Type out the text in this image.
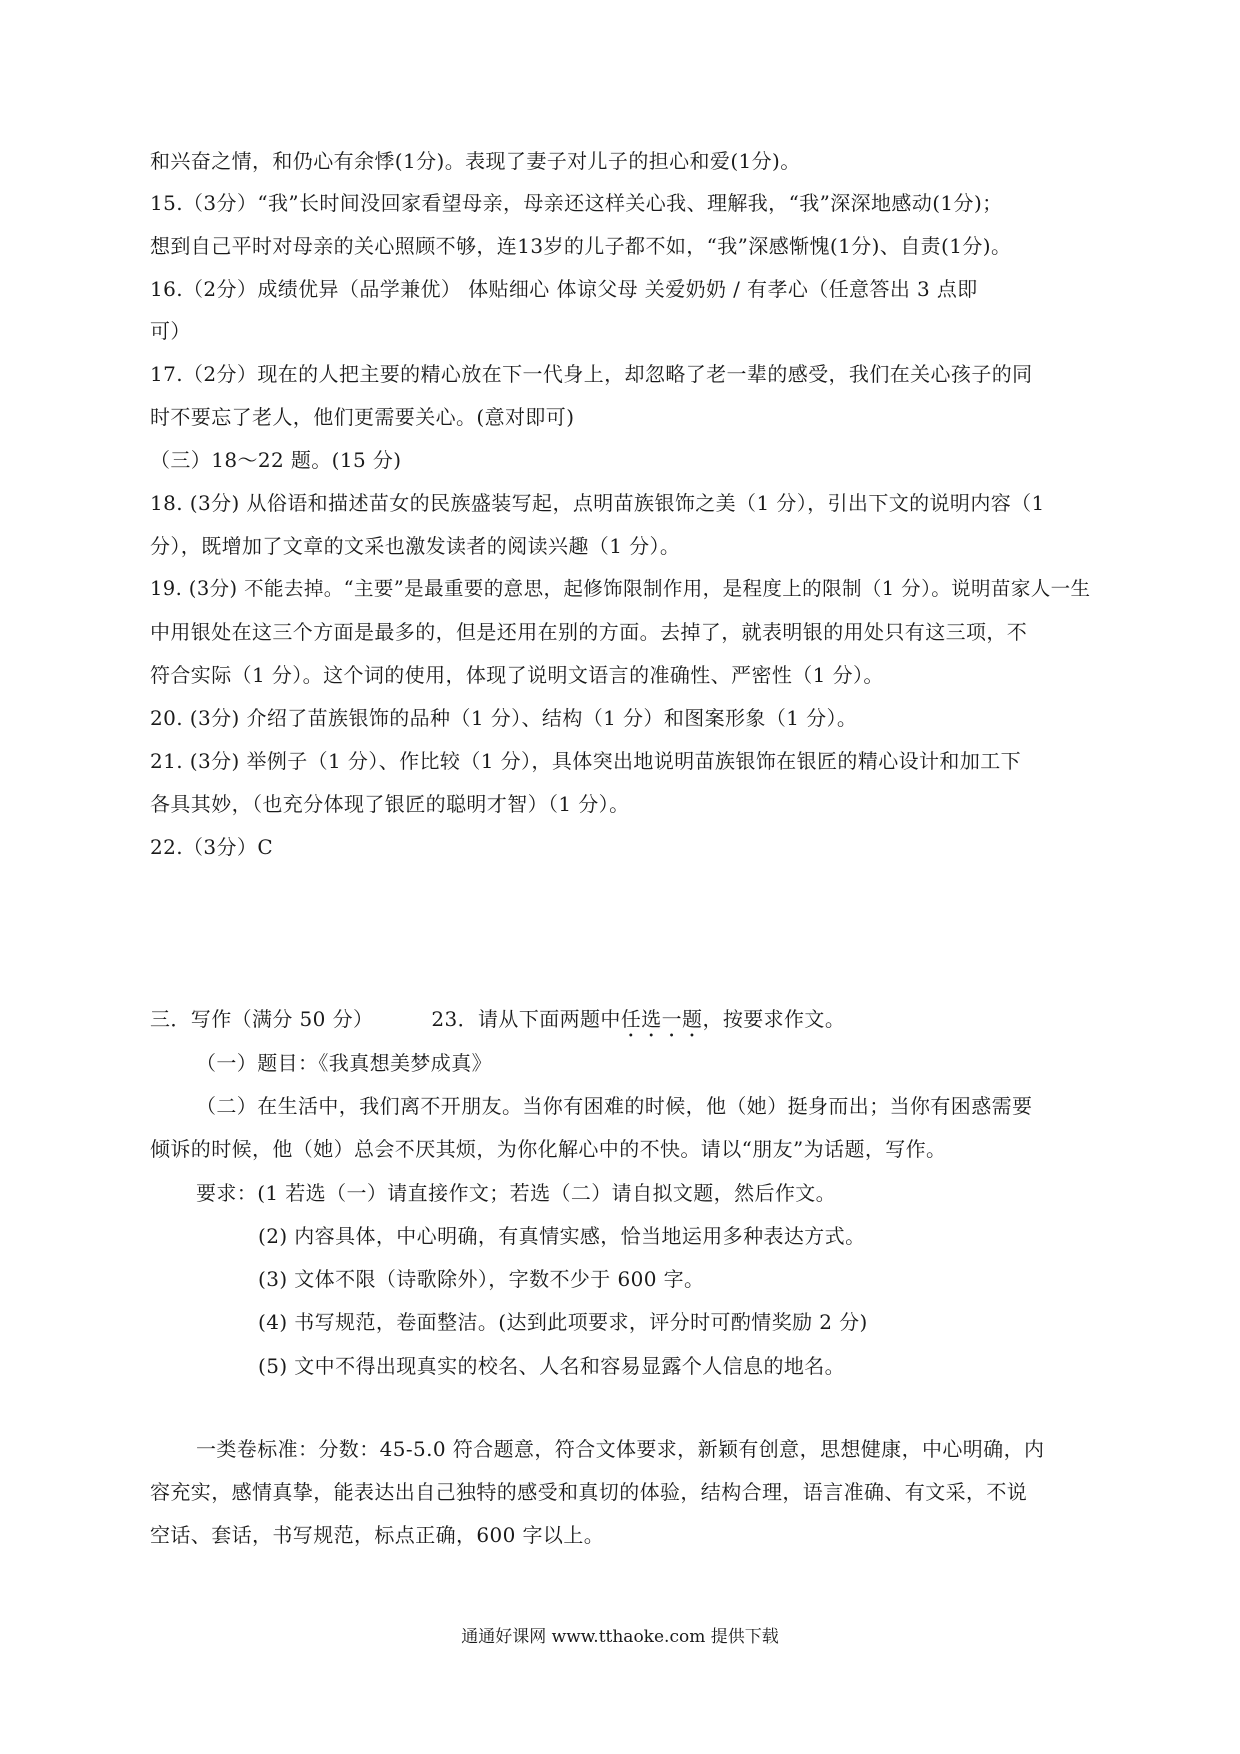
和兴奋之情，和仍心有余悸(1分)。表现了妻子对儿子的担心和爱(1分)。
15.（3分）“我”长时间没回家看望母亲，母亲还这样关心我、理解我，“我”深深地感动(1分)；
想到自己平时对母亲的关心照顾不够，连13岁的儿子都不如，“我”深感惭愧(1分)、自责(1分)。
16.（2分）成绩优异（品学兼优） 体贴细心 体谅父母 关爱奶奶 / 有孝心（任意答出 3 点即
可）
17.（2分）现在的人把主要的精心放在下一代身上，却忽略了老一辈的感受，我们在关心孩子的同
时不要忘了老人，他们更需要关心。(意对即可)
（三）18～22 题。(15 分)
18. (3分) 从俗语和描述苗女的民族盛装写起，点明苗族银饰之美（1 分），引出下文的说明内容（1
分），既增加了文章的文采也激发读者的阅读兴趣（1 分）。
19. (3分) 不能去掉。“主要”是最重要的意思，起修饰限制作用，是程度上的限制（1 分）。说明苗家人一生
中用银处在这三个方面是最多的，但是还用在别的方面。去掉了，就表明银的用处只有这三项，不
符合实际（1 分）。这个词的使用，体现了说明文语言的准确性、严密性（1 分）。
20. (3分) 介绍了苗族银饰的品种（1 分）、结构（1 分）和图案形象（1 分）。
21. (3分) 举例子（1 分）、作比较（1 分），具体突出地说明苗族银饰在银匠的精心设计和加工下
各具其妙，（也充分体现了银匠的聪明才智）（1 分）。
22.（3分）C
三．写作（满分 50 分）	23．请从下面两题中任选一题，按要求作文。
（一）题目：《我真想美梦成真》
（二）在生活中，我们离不开朋友。当你有困难的时候，他（她）挺身而出；当你有困惑需要
倾诉的时候，他（她）总会不厌其烦，为你化解心中的不快。请以“朋友”为话题，写作。
要求：(1 若选（一）请直接作文；若选（二）请自拟文题，然后作文。
(2) 内容具体，中心明确，有真情实感，恰当地运用多种表达方式。
(3) 文体不限（诗歌除外），字数不少于 600 字。
(4) 书写规范，卷面整洁。(达到此项要求，评分时可酌情奖励 2 分)
(5) 文中不得出现真实的校名、人名和容易显露个人信息的地名。
一类卷标准：分数：45-5.0 符合题意，符合文体要求，新颖有创意，思想健康，中心明确，内
容充实，感情真挚，能表达出自己独特的感受和真切的体验，结构合理，语言准确、有文采，不说
空话、套话，书写规范，标点正确，600 字以上。
通通好课网 www.tthaoke.com 提供下载
